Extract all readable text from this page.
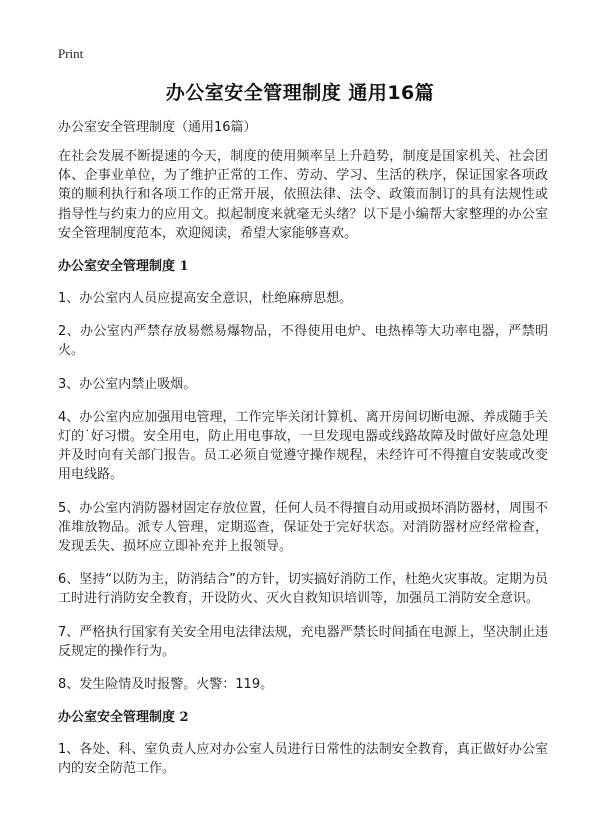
Print
办公室安全管理制度 通用16篇

办公室安全管理制度（通用16篇）

在社会发展不断提速的今天，制度的使用频率呈上升趋势，制度是国家机关、社会团体、企事业单位，为了维护正常的工作、劳动、学习、生活的秩序，保证国家各项政策的顺利执行和各项工作的正常开展，依照法律、法令、政策而制订的具有法规性或指导性与约束力的应用文。拟起制度来就毫无头绪？以下是小编帮大家整理的办公室安全管理制度范本，欢迎阅读，希望大家能够喜欢。

办公室安全管理制度 1

1、办公室内人员应提高安全意识，杜绝麻痹思想。

2、办公室内严禁存放易燃易爆物品，不得使用电炉、电热棒等大功率电器，严禁明火。

3、办公室内禁止吸烟。

4、办公室内应加强用电管理，工作完毕关闭计算机、离开房间切断电源、养成随手关灯的˙好习惯。安全用电，防止用电事故，一旦发现电器或线路故障及时做好应急处理并及时向有关部门报告。员工必须自觉遵守操作规程，未经许可不得擅自安装或改变用电线路。

5、办公室内消防器材固定存放位置，任何人员不得擅自动用或损坏消防器材，周围不准堆放物品。派专人管理，定期巡查，保证处于完好状态。对消防器材应经常检查，发现丢失、损坏应立即补充并上报领导。

6、坚持“以防为主，防消结合”的方针，切实搞好消防工作，杜绝火灾事故。定期为员工时进行消防安全教育，开设防火、灭火自救知识培训等，加强员工消防安全意识。

7、严格执行国家有关安全用电法律法规，充电器严禁长时间插在电源上，坚决制止违反规定的操作行为。

8、发生险情及时报警。火警：119。

办公室安全管理制度 2

1、各处、科、室负责人应对办公室人员进行日常性的法制安全教育，真正做好办公室内的安全防范工作。
